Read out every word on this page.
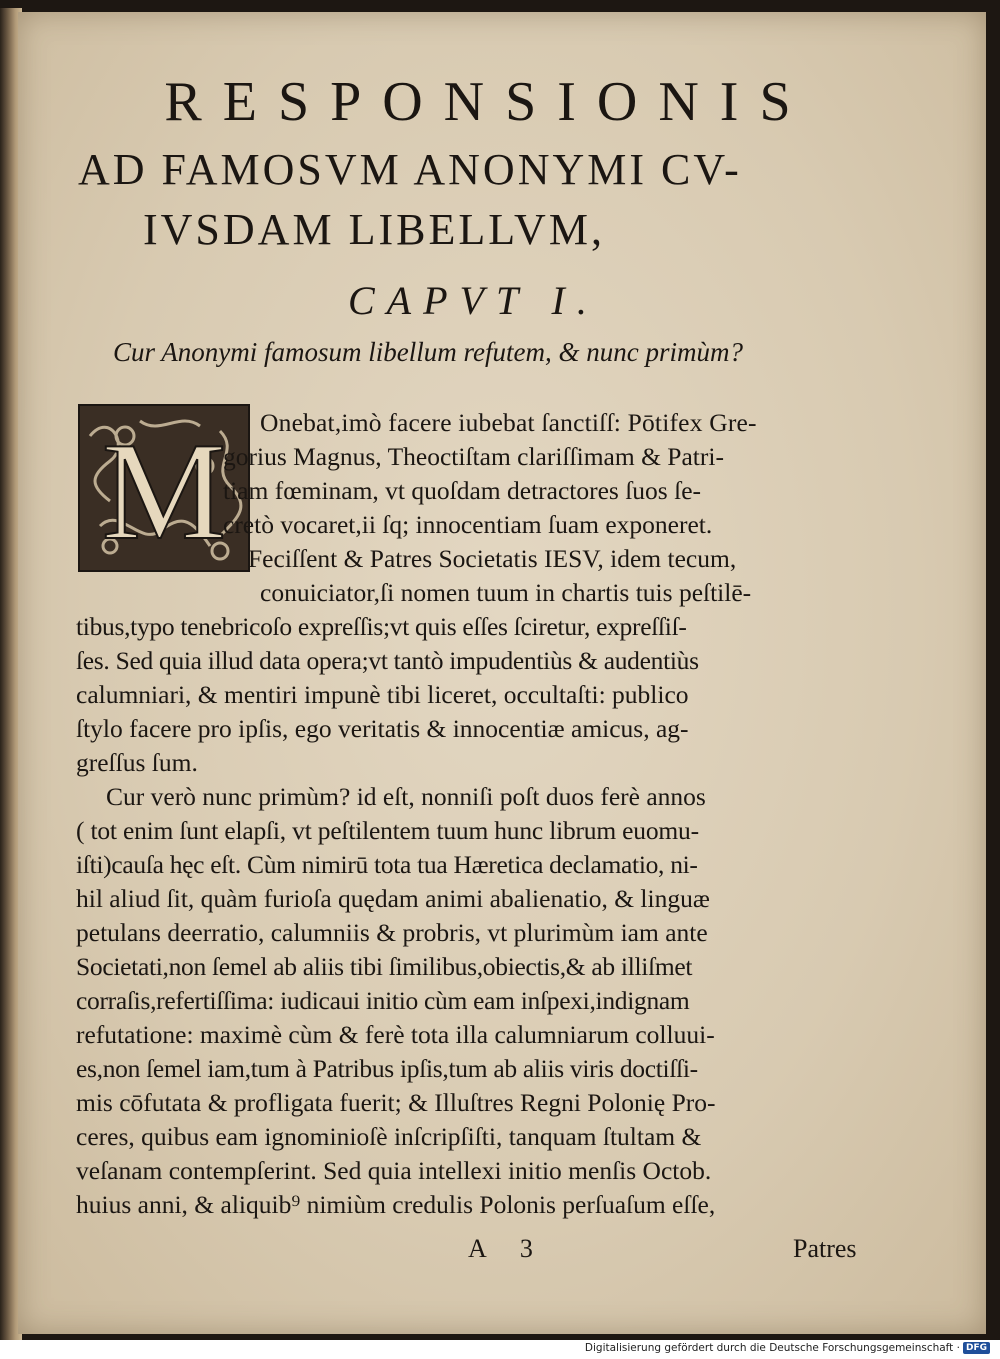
RESPONSIONIS
AD FAMOSVM ANONYMI CV-
IVSDAM LIBELLVM,
CAPVT I.
Cur Anonymi famosum libellum refutem, & nunc primùm?
M Onebat,imò facere iubebat ſanctiſſ: Pōtifex Gre-
gorius Magnus, Theoctiſtam clariſſimam & Patri-
tiam fœminam, vt quoſdam detractores ſuos ſe-
cretò vocaret,ii ſq; innocentiam ſuam exponeret.
Feciſſent & Patres Societatis IESV, idem tecum,
conuiciator,ſi nomen tuum in chartis tuis peſtilē-
tibus,typo tenebricoſo expreſſis;vt quis eſſes ſciretur, expreſſiſ-
ſes. Sed quia illud data opera;vt tantò impudentiùs & audentiùs
calumniari, & mentiri impunè tibi liceret, occultaſti: publico
ſtylo facere pro ipſis, ego veritatis & innocentiæ amicus, ag-
greſſus ſum.
Cur verò nunc primùm? id eſt, nonniſi poſt duos ferè annos
( tot enim ſunt elapſi, vt peſtilentem tuum hunc librum euomu-
iſti)cauſa hęc eſt. Cùm nimirū tota tua Hæretica declamatio, ni-
hil aliud ſit, quàm furioſa quędam animi abalienatio, & linguæ
petulans deerratio, calumniis & probris, vt plurimùm iam ante
Societati,non ſemel ab aliis tibi ſimilibus,obiectis,& ab illiſmet
corraſis,refertiſſima: iudicaui initio cùm eam inſpexi,indignam
refutatione: maximè cùm & ferè tota illa calumniarum colluui-
es,non ſemel iam,tum à Patribus ipſis,tum ab aliis viris doctiſſi-
mis cōfutata & profligata fuerit; & Illuſtres Regni Polonię Pro-
ceres, quibus eam ignominioſè inſcripſiſti, tanquam ſtultam &
veſanam contempſerint. Sed quia intellexi initio menſis Octob.
huius anni, & aliquib⁹ nimiùm credulis Polonis perſuaſum eſſe,
A 3	Patres
Digitalisierung gefördert durch die Deutsche Forschungsgemeinschaft · DFG
